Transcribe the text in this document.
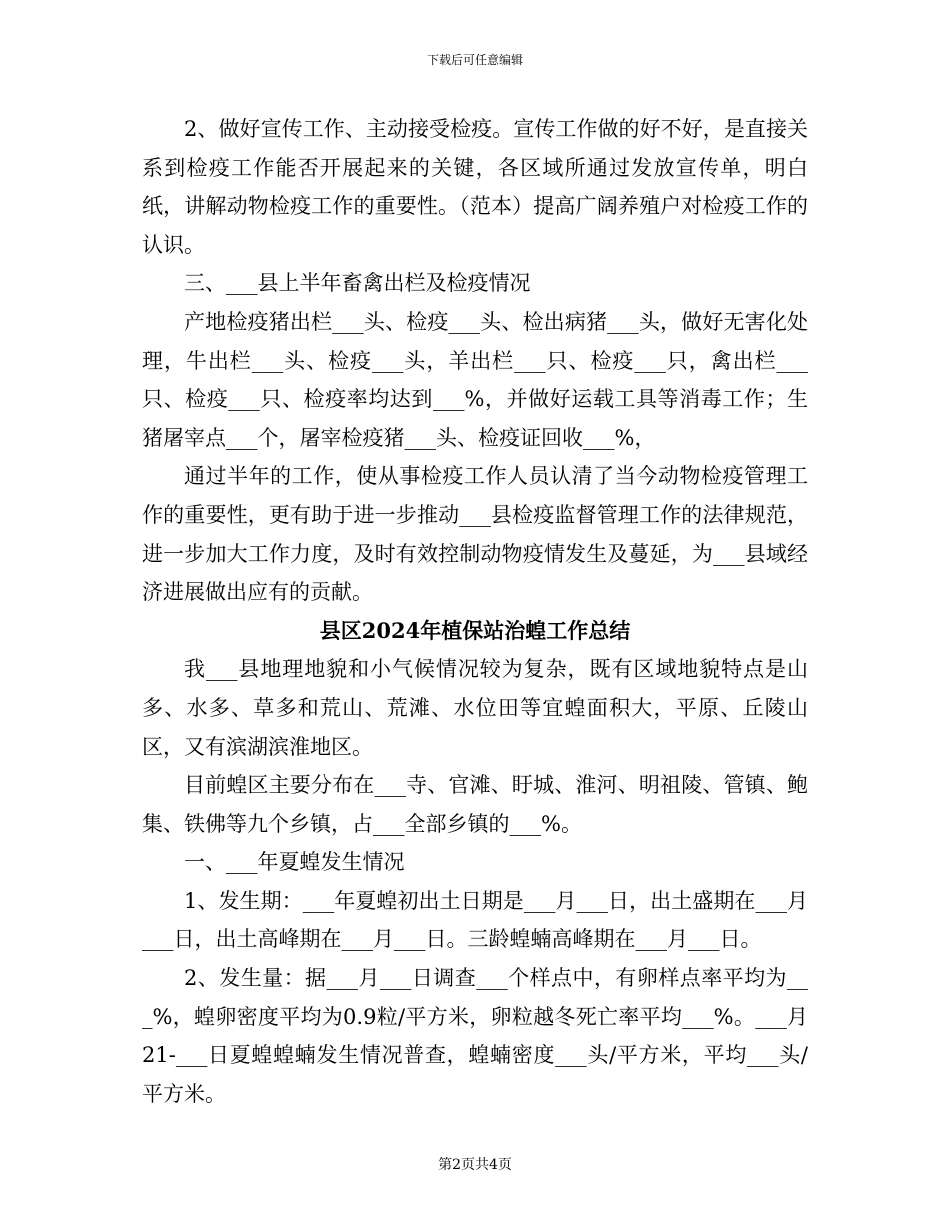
下载后可任意编辑

2、做好宣传工作、主动接受检疫。宣传工作做的好不好，是直接关系到检疫工作能否开展起来的关键，各区域所通过发放宣传单，明白纸，讲解动物检疫工作的重要性。（范本）提高广阔养殖户对检疫工作的认识。

三、___县上半年畜禽出栏及检疫情况

产地检疫猪出栏___头、检疫___头、检出病猪___头，做好无害化处理，牛出栏___头、检疫___头，羊出栏___只、检疫___只，禽出栏___只、检疫___只、检疫率均达到___%，并做好运载工具等消毒工作；生猪屠宰点___个，屠宰检疫猪___头、检疫证回收___%，

通过半年的工作，使从事检疫工作人员认清了当今动物检疫管理工作的重要性，更有助于进一步推动___县检疫监督管理工作的法律规范，进一步加大工作力度，及时有效控制动物疫情发生及蔓延，为___县域经济进展做出应有的贡献。

县区2024年植保站治蝗工作总结

我___县地理地貌和小气候情况较为复杂，既有区域地貌特点是山多、水多、草多和荒山、荒滩、水位田等宜蝗面积大，平原、丘陵山区，又有滨湖滨淮地区。

目前蝗区主要分布在___寺、官滩、盱城、淮河、明祖陵、管镇、鲍集、铁佛等九个乡镇，占___全部乡镇的___%。

一、___年夏蝗发生情况

1、发生期：___年夏蝗初出土日期是___月___日，出土盛期在___月___日，出土高峰期在___月___日。三龄蝗蝻高峰期在___月___日。

2、发生量：据___月___日调查___个样点中，有卵样点率平均为___%，蝗卵密度平均为0.9粒/平方米，卵粒越冬死亡率平均___%。___月21-___日夏蝗蝗蝻发生情况普查，蝗蝻密度___头/平方米，平均___头/平方米。

第2页共4页
